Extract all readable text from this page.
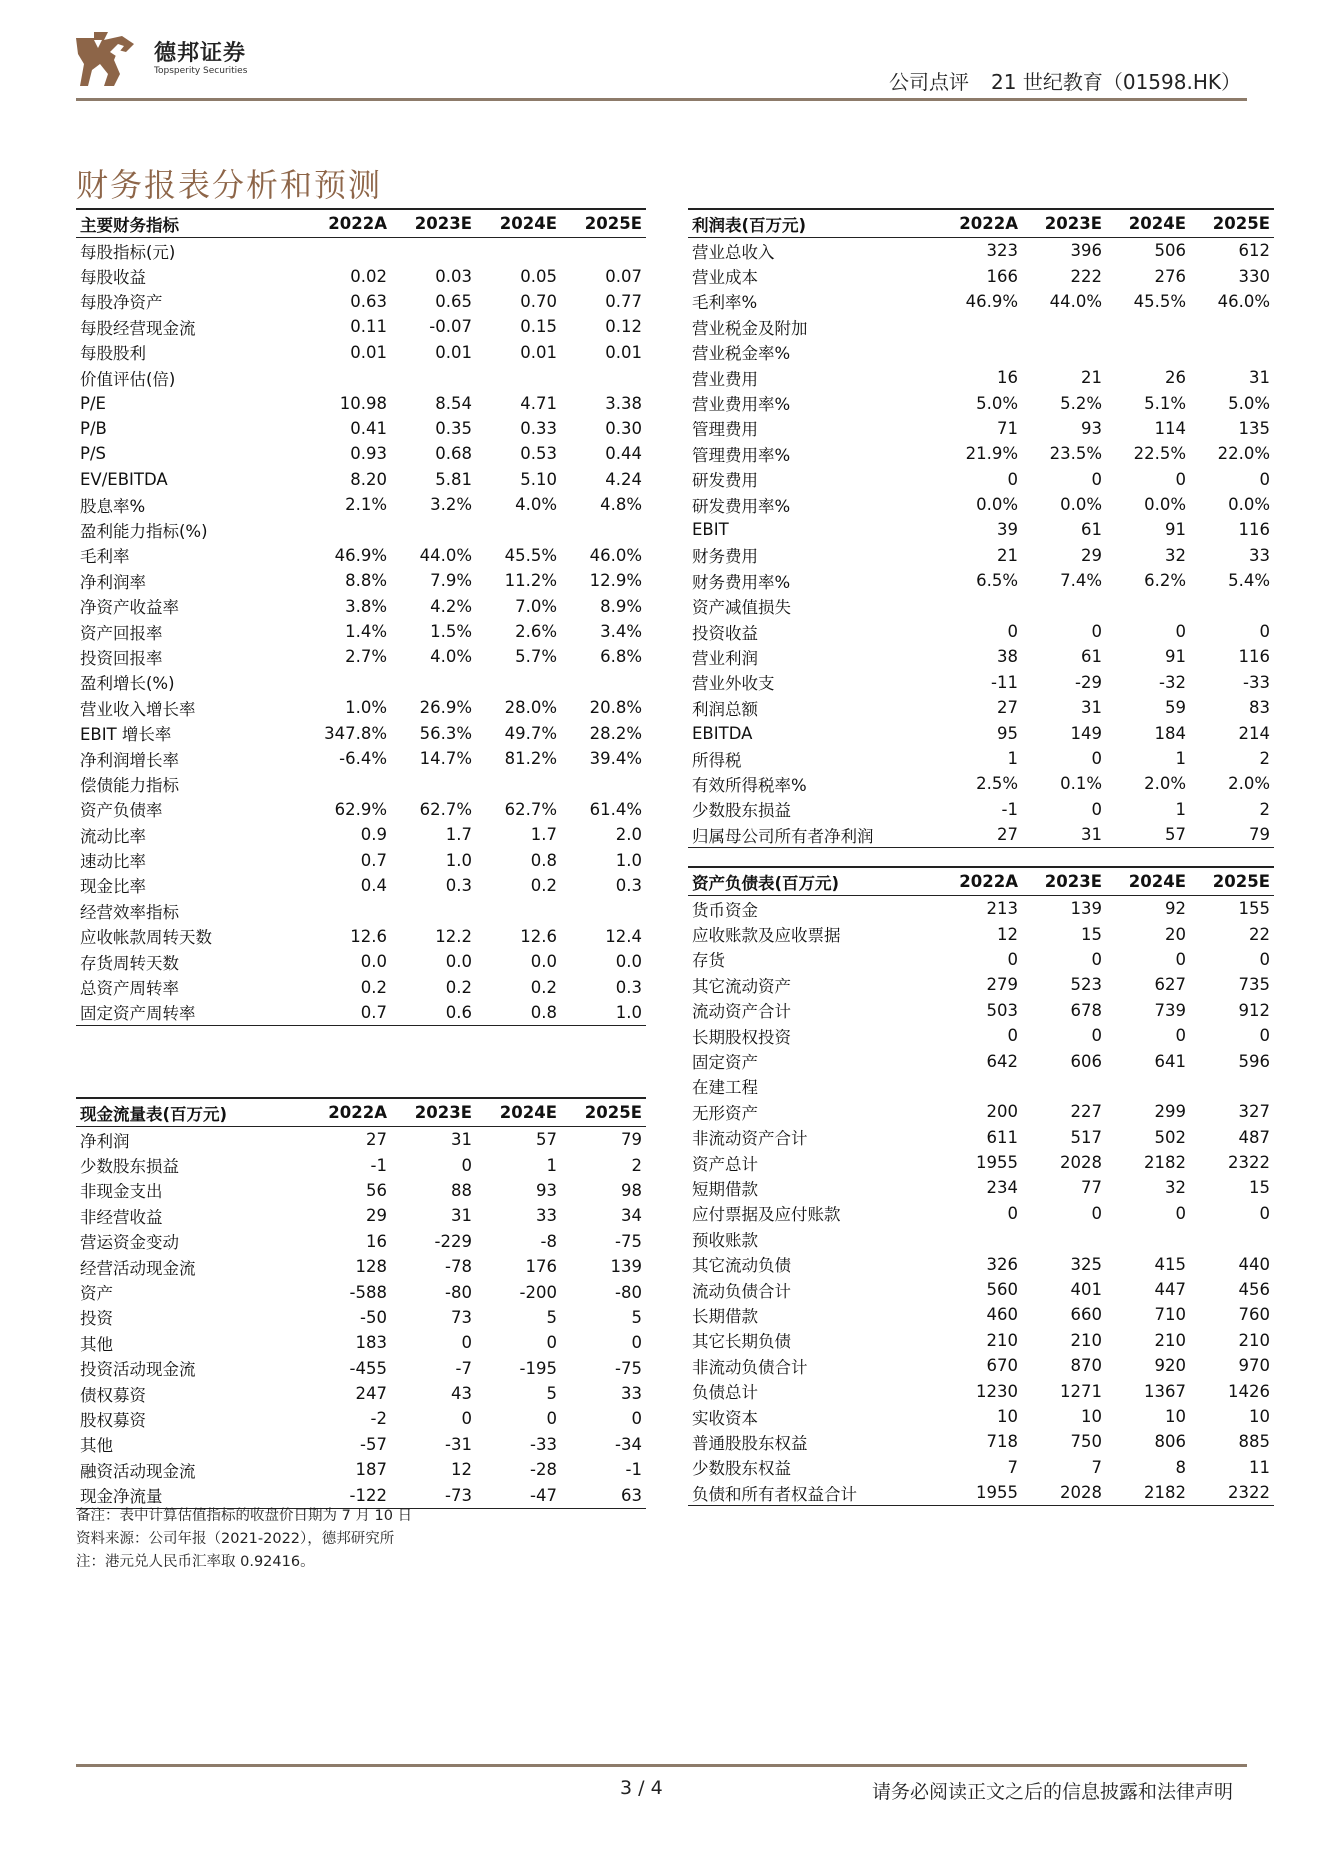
德邦证券
Topsperity Securities	公司点评 21 世纪教育（01598.HK）
财务报表分析和预测
主要财务指标	2022A	2023E	2024E	2025E
每股指标(元)				
每股收益	0.02	0.03	0.05	0.07
每股净资产	0.63	0.65	0.70	0.77
每股经营现金流	0.11	-0.07	0.15	0.12
每股股利	0.01	0.01	0.01	0.01
价值评估(倍)				
P/E	10.98	8.54	4.71	3.38
P/B	0.41	0.35	0.33	0.30
P/S	0.93	0.68	0.53	0.44
EV/EBITDA	8.20	5.81	5.10	4.24
股息率%	2.1%	3.2%	4.0%	4.8%
盈利能力指标(%)				
毛利率	46.9%	44.0%	45.5%	46.0%
净利润率	8.8%	7.9%	11.2%	12.9%
净资产收益率	3.8%	4.2%	7.0%	8.9%
资产回报率	1.4%	1.5%	2.6%	3.4%
投资回报率	2.7%	4.0%	5.7%	6.8%
盈利增长(%)				
营业收入增长率	1.0%	26.9%	28.0%	20.8%
EBIT 增长率	347.8%	56.3%	49.7%	28.2%
净利润增长率	-6.4%	14.7%	81.2%	39.4%
偿债能力指标				
资产负债率	62.9%	62.7%	62.7%	61.4%
流动比率	0.9	1.7	1.7	2.0
速动比率	0.7	1.0	0.8	1.0
现金比率	0.4	0.3	0.2	0.3
经营效率指标				
应收帐款周转天数	12.6	12.2	12.6	12.4
存货周转天数	0.0	0.0	0.0	0.0
总资产周转率	0.2	0.2	0.2	0.3
固定资产周转率	0.7	0.6	0.8	1.0
现金流量表(百万元)	2022A	2023E	2024E	2025E
净利润	27	31	57	79
少数股东损益	-1	0	1	2
非现金支出	56	88	93	98
非经营收益	29	31	33	34
营运资金变动	16	-229	-8	-75
经营活动现金流	128	-78	176	139
资产	-588	-80	-200	-80
投资	-50	73	5	5
其他	183	0	0	0
投资活动现金流	-455	-7	-195	-75
债权募资	247	43	5	33
股权募资	-2	0	0	0
其他	-57	-31	-33	-34
融资活动现金流	187	12	-28	-1
现金净流量	-122	-73	-47	63
利润表(百万元)	2022A	2023E	2024E	2025E
营业总收入	323	396	506	612
营业成本	166	222	276	330
毛利率%	46.9%	44.0%	45.5%	46.0%
营业税金及附加				
营业税金率%				
营业费用	16	21	26	31
营业费用率%	5.0%	5.2%	5.1%	5.0%
管理费用	71	93	114	135
管理费用率%	21.9%	23.5%	22.5%	22.0%
研发费用	0	0	0	0
研发费用率%	0.0%	0.0%	0.0%	0.0%
EBIT	39	61	91	116
财务费用	21	29	32	33
财务费用率%	6.5%	7.4%	6.2%	5.4%
资产减值损失				
投资收益	0	0	0	0
营业利润	38	61	91	116
营业外收支	-11	-29	-32	-33
利润总额	27	31	59	83
EBITDA	95	149	184	214
所得税	1	0	1	2
有效所得税率%	2.5%	0.1%	2.0%	2.0%
少数股东损益	-1	0	1	2
归属母公司所有者净利润	27	31	57	79
资产负债表(百万元)	2022A	2023E	2024E	2025E
货币资金	213	139	92	155
应收账款及应收票据	12	15	20	22
存货	0	0	0	0
其它流动资产	279	523	627	735
流动资产合计	503	678	739	912
长期股权投资	0	0	0	0
固定资产	642	606	641	596
在建工程				
无形资产	200	227	299	327
非流动资产合计	611	517	502	487
资产总计	1955	2028	2182	2322
短期借款	234	77	32	15
应付票据及应付账款	0	0	0	0
预收账款				
其它流动负债	326	325	415	440
流动负债合计	560	401	447	456
长期借款	460	660	710	760
其它长期负债	210	210	210	210
非流动负债合计	670	870	920	970
负债总计	1230	1271	1367	1426
实收资本	10	10	10	10
普通股股东权益	718	750	806	885
少数股东权益	7	7	8	11
负债和所有者权益合计	1955	2028	2182	2322
备注：表中计算估值指标的收盘价日期为 7 月 10 日
资料来源：公司年报（2021-2022），德邦研究所
注：港元兑人民币汇率取 0.92416。
3 / 4	请务必阅读正文之后的信息披露和法律声明
